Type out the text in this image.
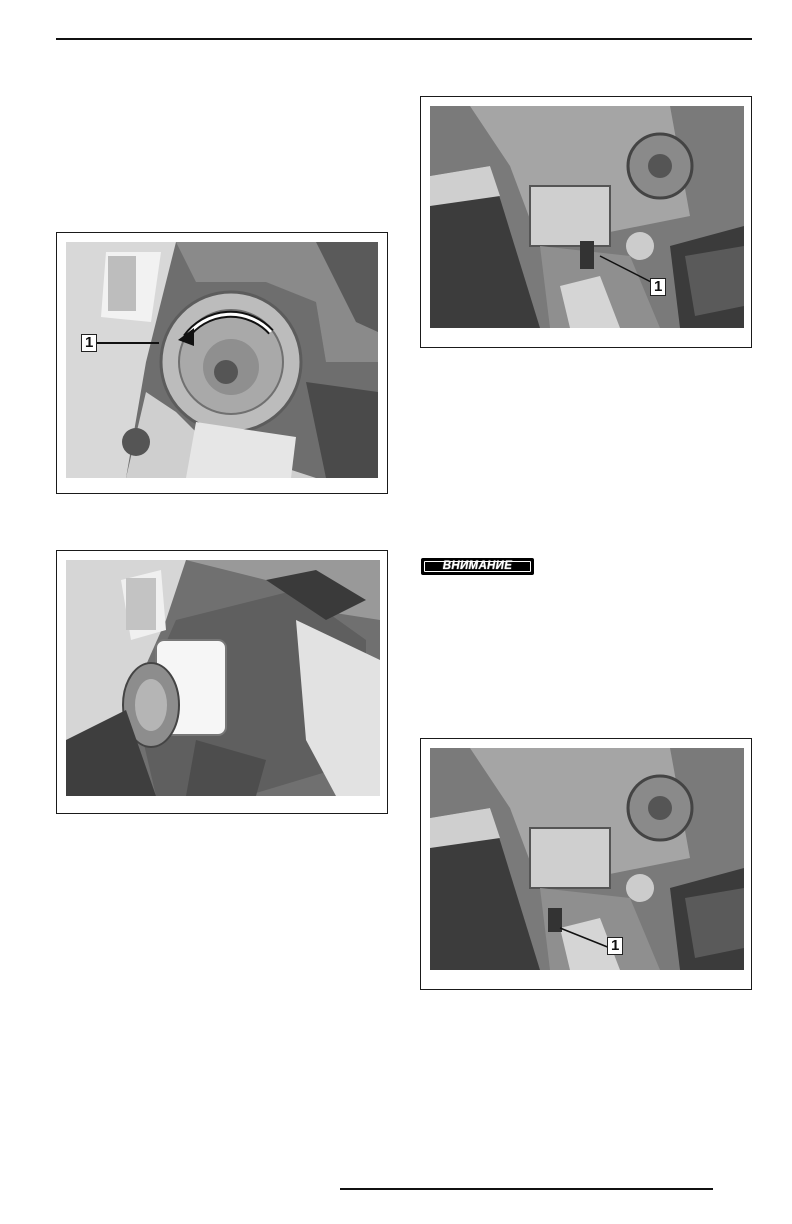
1
1
ВНИМАНИЕ
1
